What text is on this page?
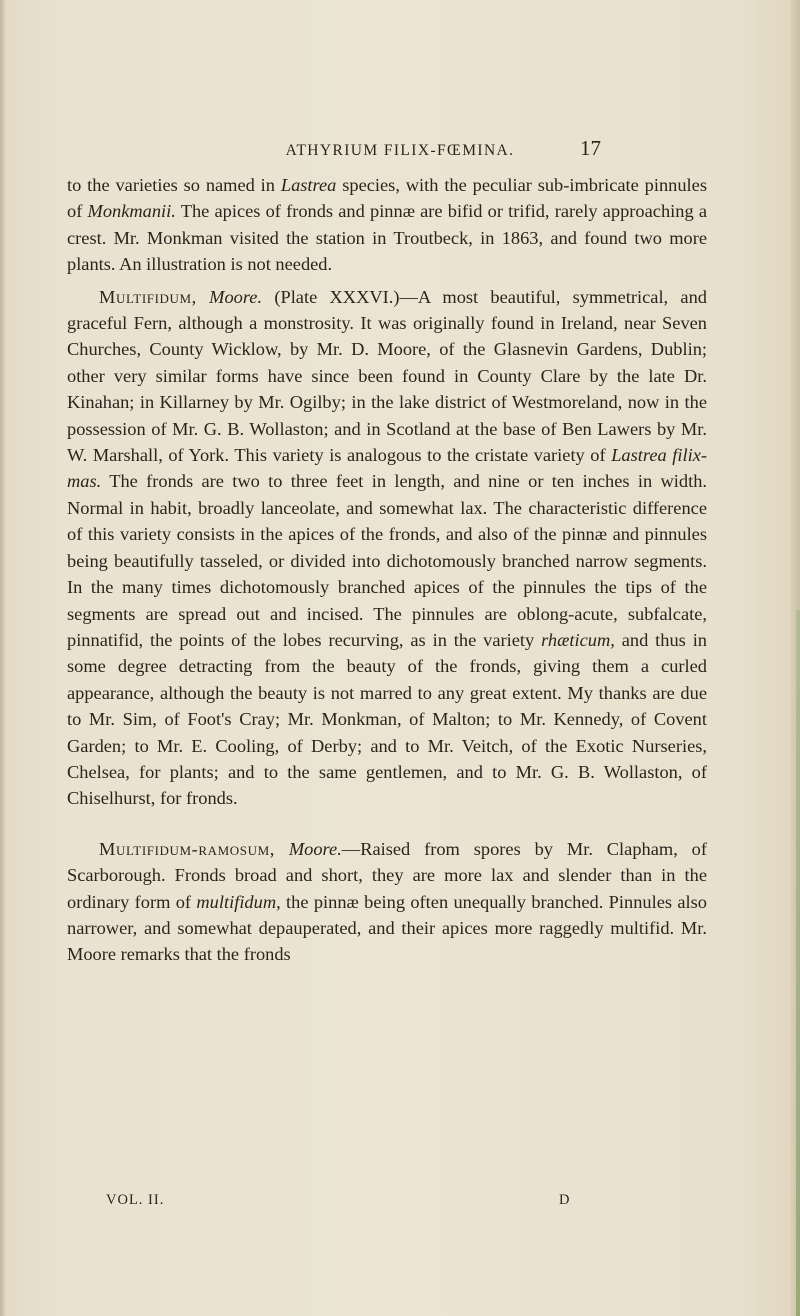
ATHYRIUM FILIX-FŒMINA.	17

to the varieties so named in Lastrea species, with the peculiar sub-imbricate pinnules of Monkmanii. The apices of fronds and pinnæ are bifid or trifid, rarely approaching a crest. Mr. Monkman visited the station in Troutbeck, in 1863, and found two more plants. An illustration is not needed.

Multifidum, Moore. (Plate XXXVI.)—A most beautiful, symmetrical, and graceful Fern, although a monstrosity. It was originally found in Ireland, near Seven Churches, County Wicklow, by Mr. D. Moore, of the Glasnevin Gardens, Dublin; other very similar forms have since been found in County Clare by the late Dr. Kinahan; in Killarney by Mr. Ogilby; in the lake district of Westmoreland, now in the possession of Mr. G. B. Wollaston; and in Scotland at the base of Ben Lawers by Mr. W. Marshall, of York. This variety is analogous to the cristate variety of Lastrea filix-mas. The fronds are two to three feet in length, and nine or ten inches in width. Normal in habit, broadly lanceolate, and somewhat lax. The characteristic difference of this variety consists in the apices of the fronds, and also of the pinnæ and pinnules being beautifully tasseled, or divided into dichotomously branched narrow segments. In the many times dichotomously branched apices of the pinnules the tips of the segments are spread out and incised. The pinnules are oblong-acute, subfalcate, pinnatifid, the points of the lobes recurving, as in the variety rhæticum, and thus in some degree detracting from the beauty of the fronds, giving them a curled appearance, although the beauty is not marred to any great extent. My thanks are due to Mr. Sim, of Foot's Cray; Mr. Monkman, of Malton; to Mr. Kennedy, of Covent Garden; to Mr. E. Cooling, of Derby; and to Mr. Veitch, of the Exotic Nurseries, Chelsea, for plants; and to the same gentlemen, and to Mr. G. B. Wollaston, of Chiselhurst, for fronds.

Multifidum-ramosum, Moore.—Raised from spores by Mr. Clapham, of Scarborough. Fronds broad and short, they are more lax and slender than in the ordinary form of multifidum, the pinnæ being often unequally branched. Pinnules also narrower, and somewhat depauperated, and their apices more raggedly multifid. Mr. Moore remarks that the fronds

VOL. II.	D
